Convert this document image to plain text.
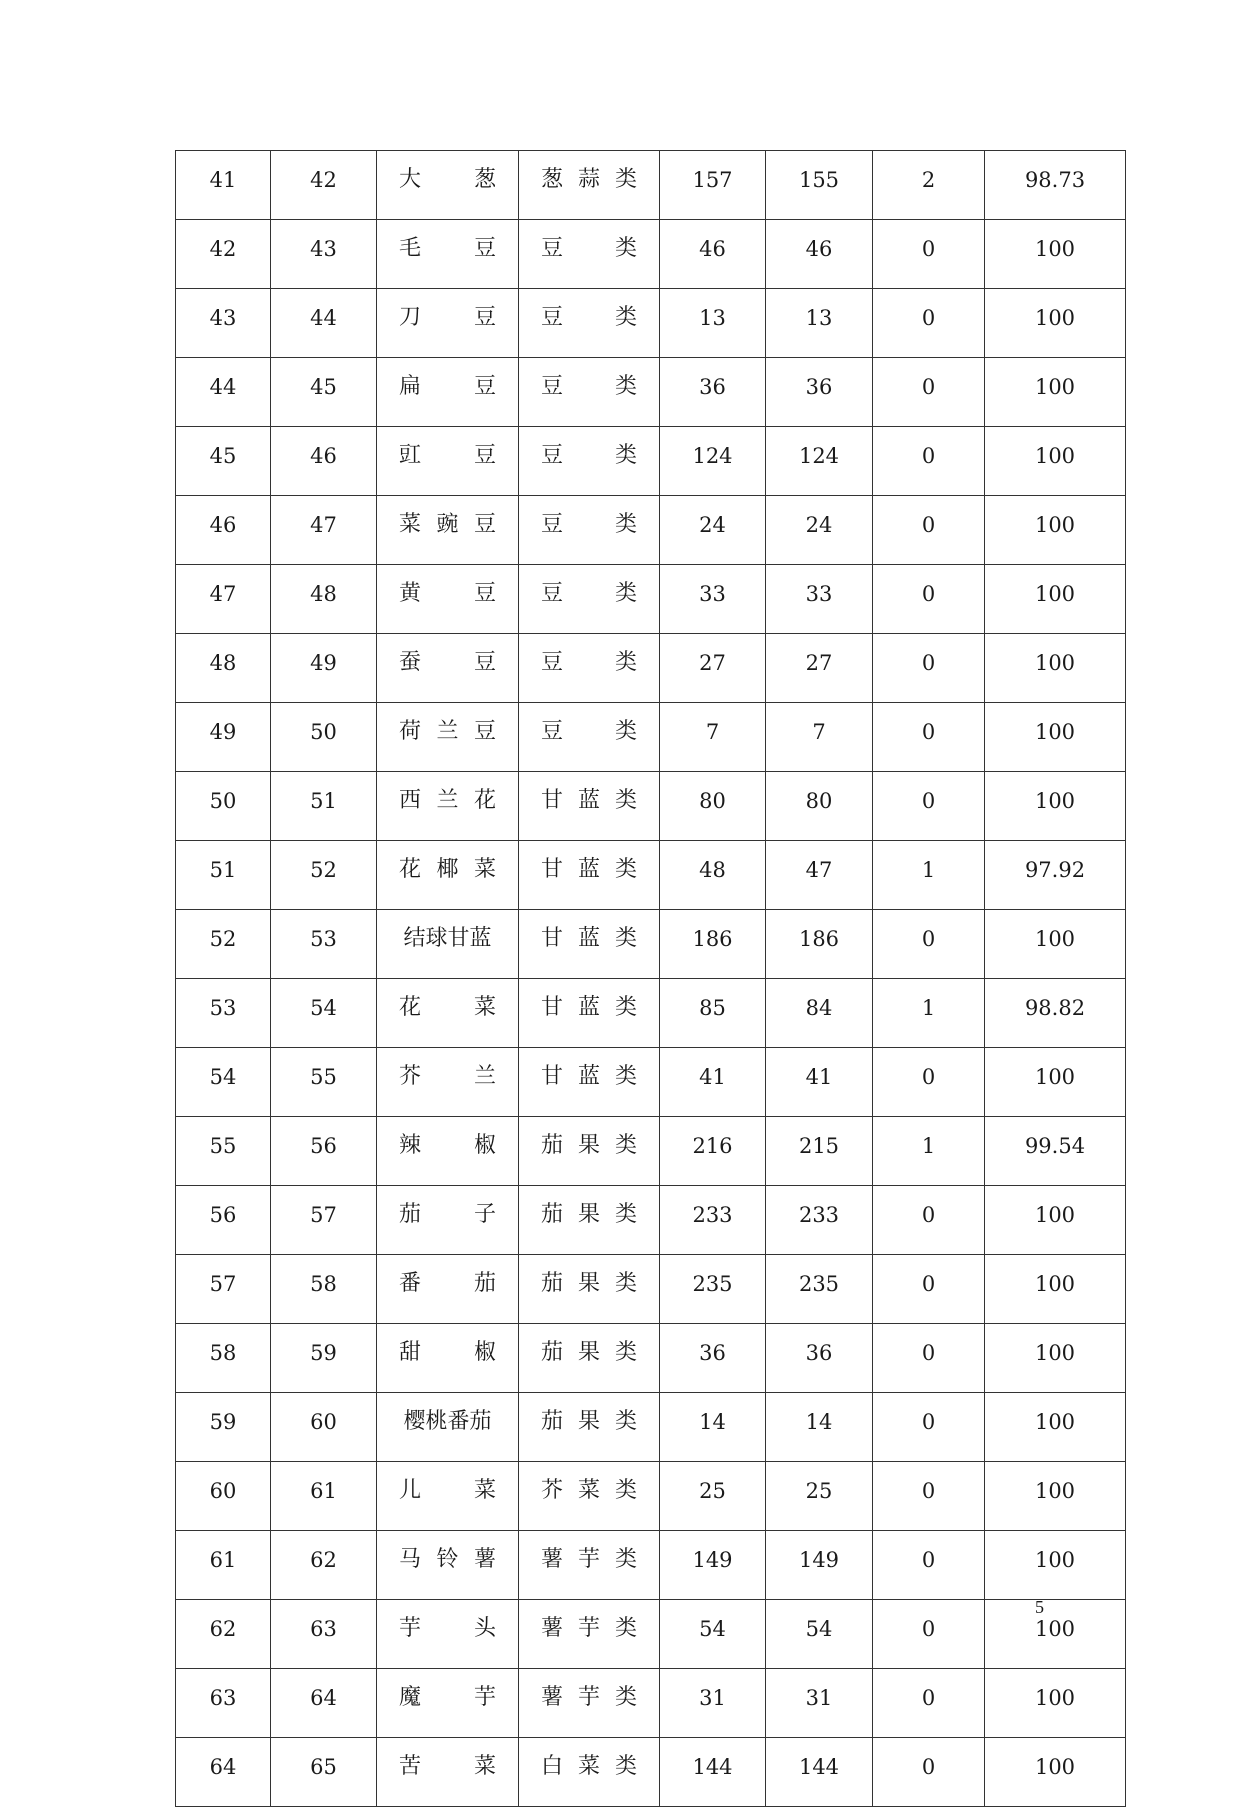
41	42	大 葱	葱 蒜 类	157	155	2	98.73
42	43	毛 豆	豆 类	46	46	0	100
43	44	刀 豆	豆 类	13	13	0	100
44	45	扁 豆	豆 类	36	36	0	100
45	46	豇 豆	豆 类	124	124	0	100
46	47	菜 豌 豆	豆 类	24	24	0	100
47	48	黄 豆	豆 类	33	33	0	100
48	49	蚕 豆	豆 类	27	27	0	100
49	50	荷 兰 豆	豆 类	7	7	0	100
50	51	西 兰 花	甘 蓝 类	80	80	0	100
51	52	花 椰 菜	甘 蓝 类	48	47	1	97.92
52	53	结 球 甘 蓝	甘 蓝 类	186	186	0	100
53	54	花 菜	甘 蓝 类	85	84	1	98.82
54	55	芥 兰	甘 蓝 类	41	41	0	100
55	56	辣 椒	茄 果 类	216	215	1	99.54
56	57	茄 子	茄 果 类	233	233	0	100
57	58	番 茄	茄 果 类	235	235	0	100
58	59	甜 椒	茄 果 类	36	36	0	100
59	60	樱 桃 番 茄	茄 果 类	14	14	0	100
60	61	儿 菜	芥 菜 类	25	25	0	100
61	62	马 铃 薯	薯 芋 类	149	149	0	100
62	63	芋 头	薯 芋 类	54	54	0	100
63	64	魔 芋	薯 芋 类	31	31	0	100
64	65	苦 菜	白 菜 类	144	144	0	100
5
